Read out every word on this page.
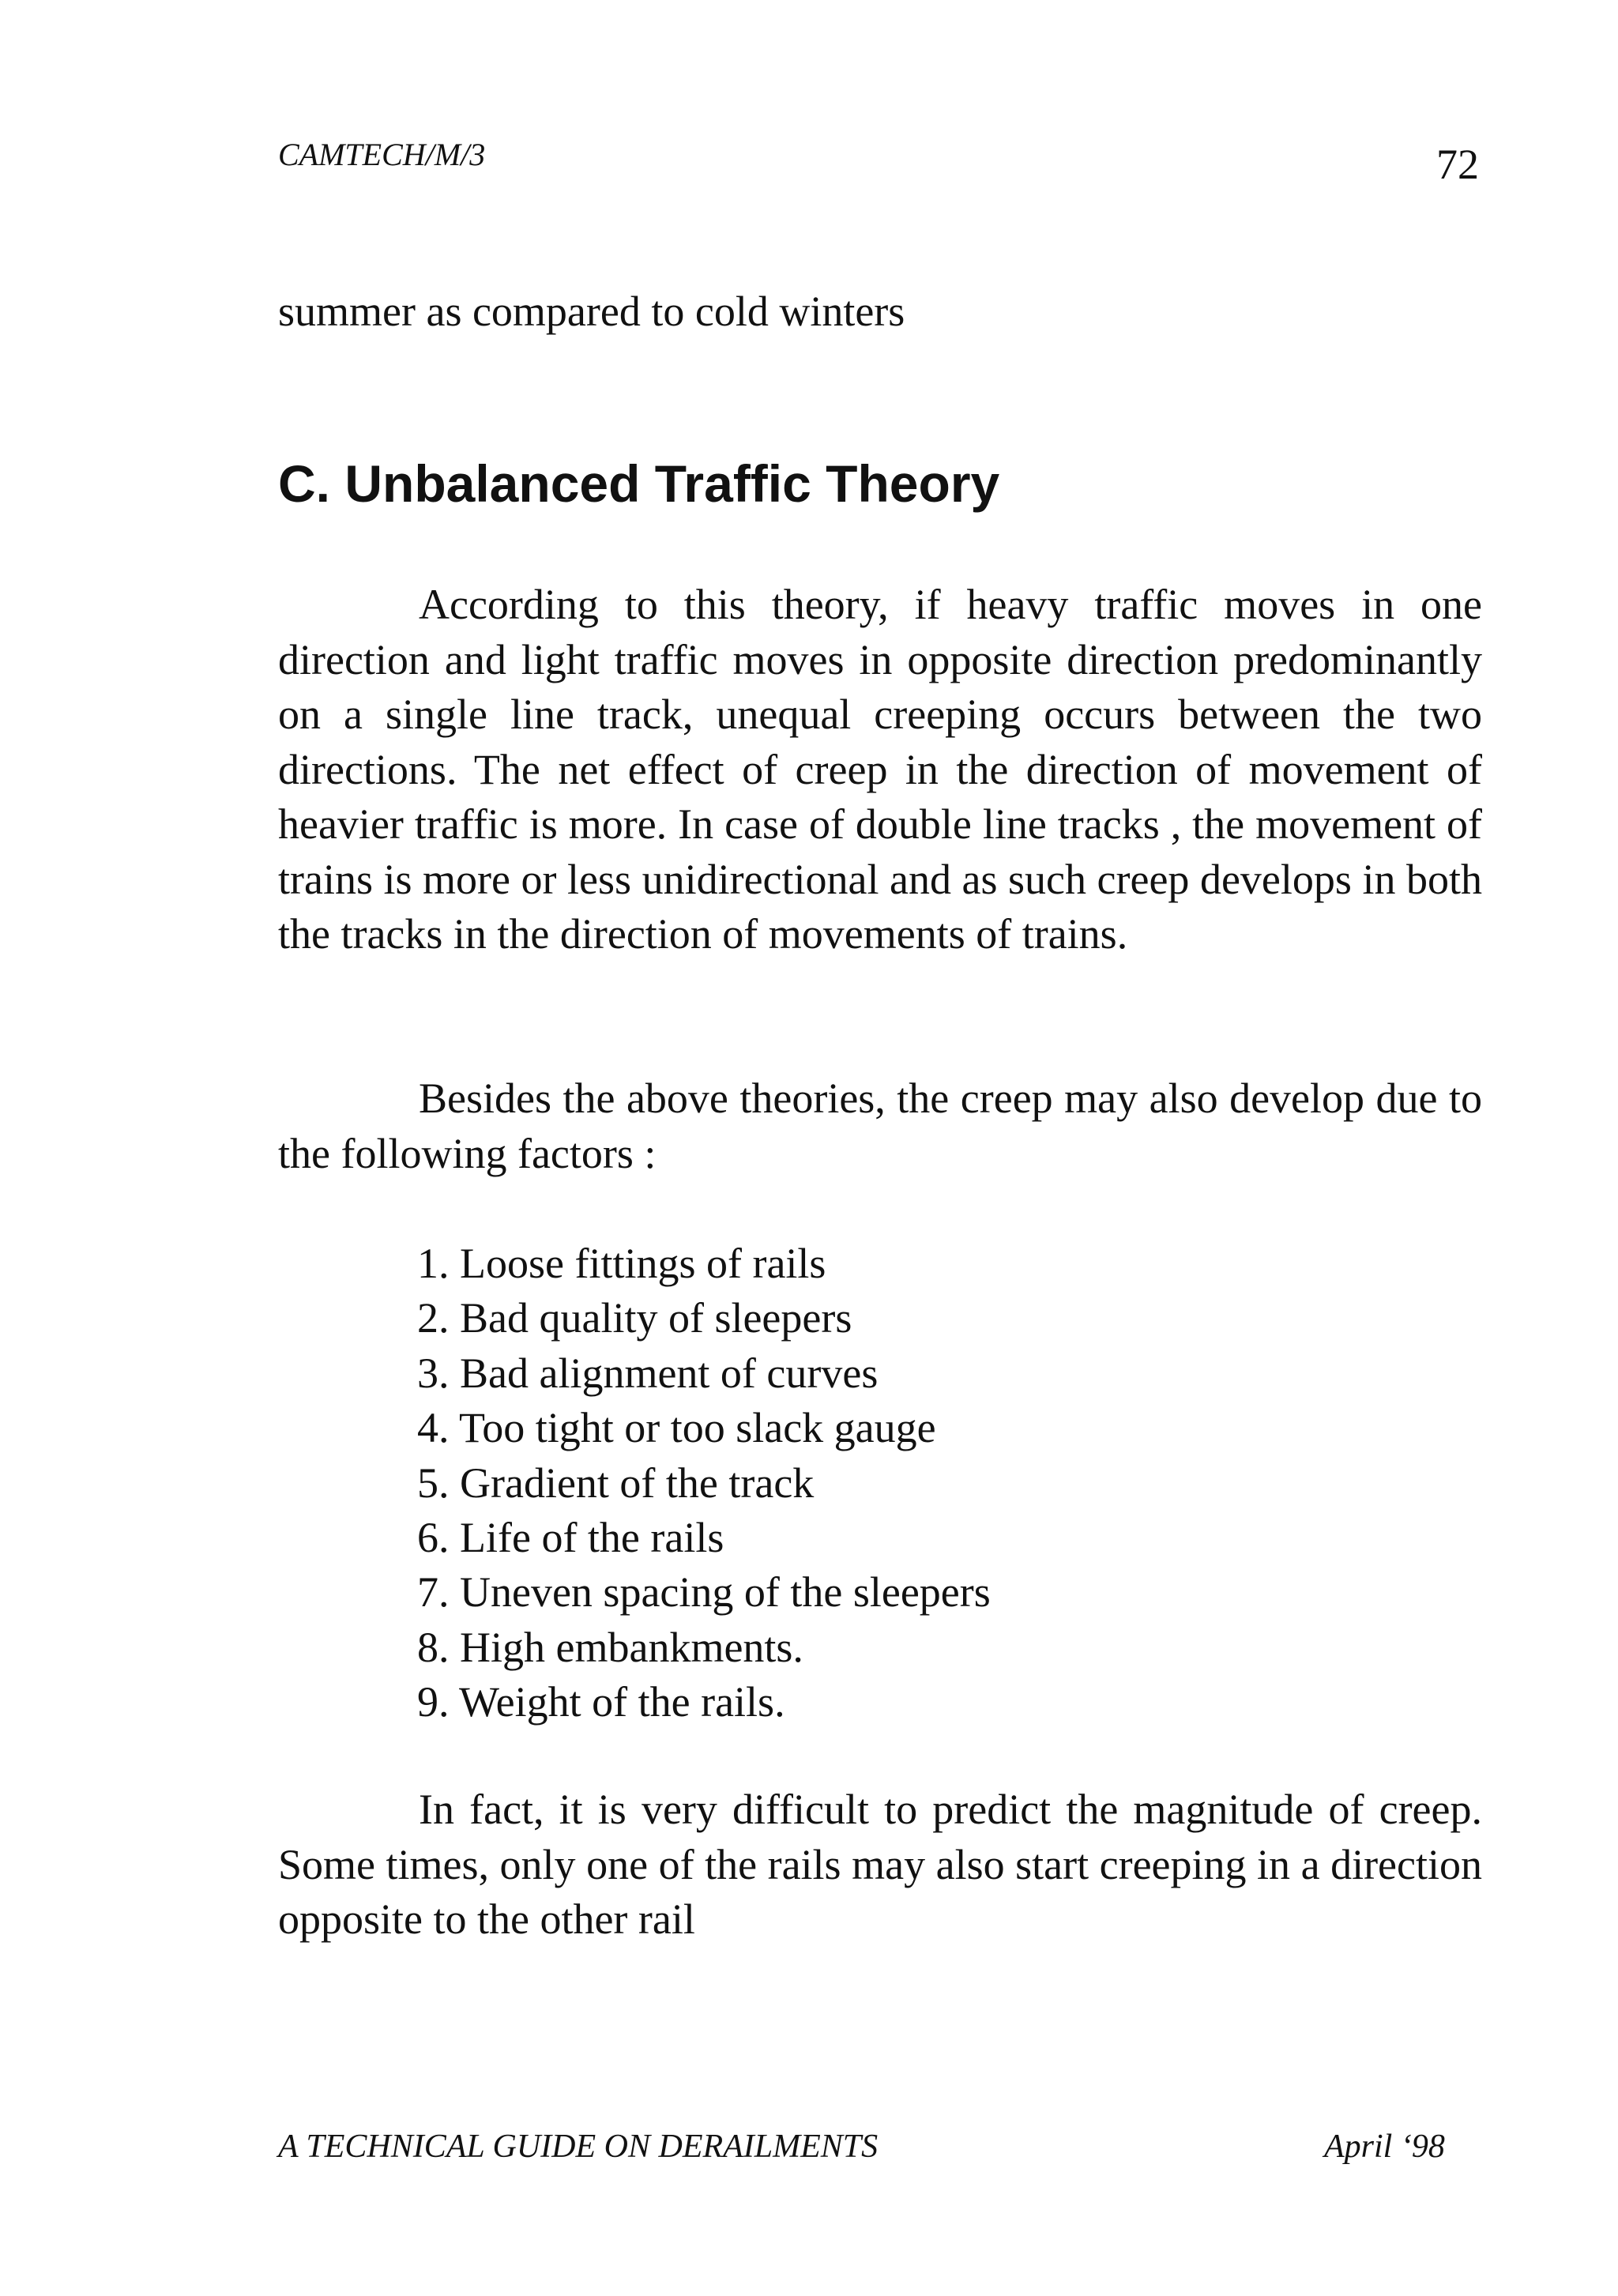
CAMTECH/M/3	72

summer as compared to cold winters

C. Unbalanced Traffic Theory

According to this theory, if heavy traffic moves in one direction and light traffic moves in opposite direction predominantly on a single line track, unequal creeping occurs between the two directions. The net effect of creep in the direction of movement of heavier traffic is more. In case of double line tracks , the movement of trains is more or less unidirectional and as such creep develops in both the tracks in the direction of movements of trains.

Besides the above theories, the creep may also develop due to the following factors :

1. Loose fittings of rails
2. Bad quality of sleepers
3. Bad alignment of curves
4. Too tight or too slack gauge
5. Gradient of the track
6. Life of the rails
7. Uneven spacing of the sleepers
8. High embankments.
9. Weight of the rails.

In fact, it is very difficult to predict the magnitude of creep. Some times, only one of the rails may also start creeping in a direction opposite to the other rail

A TECHNICAL GUIDE ON DERAILMENTS	April ‘98
